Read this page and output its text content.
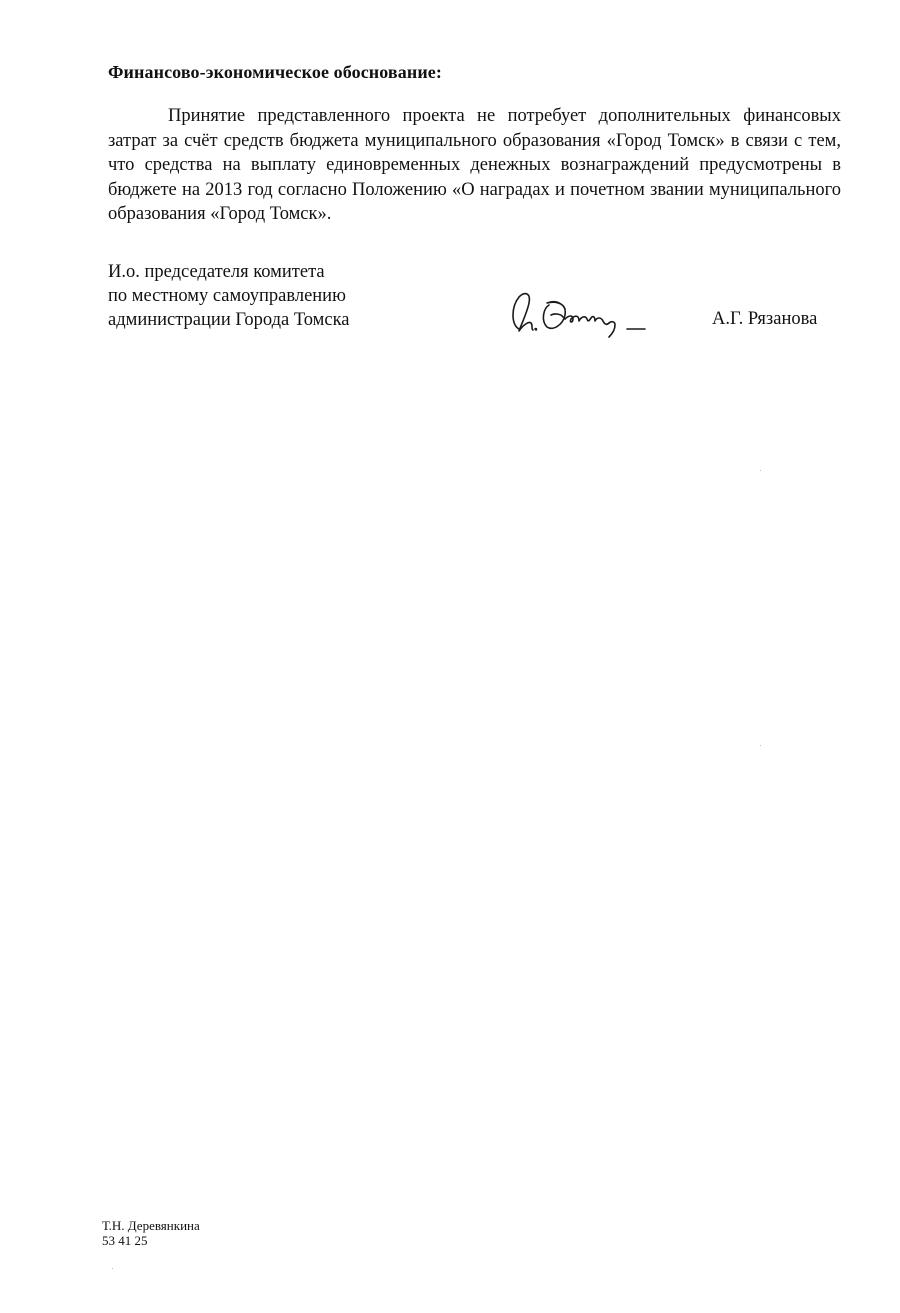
Финансово-экономическое обоснование:

Принятие представленного проекта не потребует дополнительных финансовых затрат за счёт средств бюджета муниципального образования «Город Томск» в связи с тем, что средства на выплату единовременных денежных вознаграждений предусмотрены в бюджете на 2013 год согласно Положению «О наградах и почетном звании муниципального образования «Город Томск».

И.о. председателя комитета
по местному самоуправлению
администрации Города Томска	А.Г. Рязанова
Т.Н. Деревянкина
53 41 25
